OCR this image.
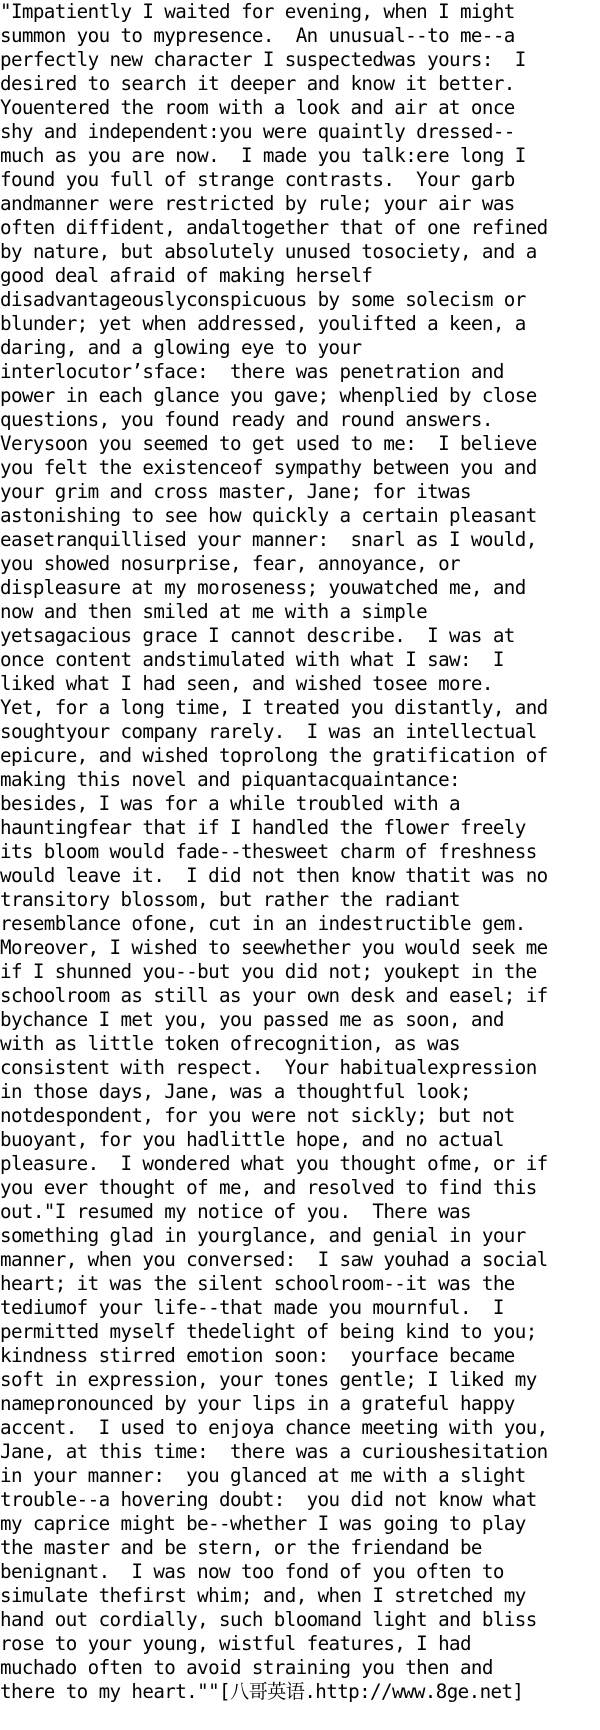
"Impatiently I waited for evening, when I might
summon you to mypresence.  An unusual--to me--a
perfectly new character I suspectedwas yours:  I
desired to search it deeper and know it better.
Youentered the room with a look and air at once
shy and independent:you were quaintly dressed--
much as you are now.  I made you talk:ere long I
found you full of strange contrasts.  Your garb
andmanner were restricted by rule; your air was
often diffident, andaltogether that of one refined
by nature, but absolutely unused tosociety, and a
good deal afraid of making herself
disadvantageouslyconspicuous by some solecism or
blunder; yet when addressed, youlifted a keen, a
daring, and a glowing eye to your
interlocutor’sface:  there was penetration and
power in each glance you gave; whenplied by close
questions, you found ready and round answers.
Verysoon you seemed to get used to me:  I believe
you felt the existenceof sympathy between you and
your grim and cross master, Jane; for itwas
astonishing to see how quickly a certain pleasant
easetranquillised your manner:  snarl as I would,
you showed nosurprise, fear, annoyance, or
displeasure at my moroseness; youwatched me, and
now and then smiled at me with a simple
yetsagacious grace I cannot describe.  I was at
once content andstimulated with what I saw:  I
liked what I had seen, and wished tosee more.
Yet, for a long time, I treated you distantly, and
soughtyour company rarely.  I was an intellectual
epicure, and wished toprolong the gratification of
making this novel and piquantacquaintance:
besides, I was for a while troubled with a
hauntingfear that if I handled the flower freely
its bloom would fade--thesweet charm of freshness
would leave it.  I did not then know thatit was no
transitory blossom, but rather the radiant
resemblance ofone, cut in an indestructible gem.
Moreover, I wished to seewhether you would seek me
if I shunned you--but you did not; youkept in the
schoolroom as still as your own desk and easel; if
bychance I met you, you passed me as soon, and
with as little token ofrecognition, as was
consistent with respect.  Your habitualexpression
in those days, Jane, was a thoughtful look;
notdespondent, for you were not sickly; but not
buoyant, for you hadlittle hope, and no actual
pleasure.  I wondered what you thought ofme, or if
you ever thought of me, and resolved to find this
out."I resumed my notice of you.  There was
something glad in yourglance, and genial in your
manner, when you conversed:  I saw youhad a social
heart; it was the silent schoolroom--it was the
tediumof your life--that made you mournful.  I
permitted myself thedelight of being kind to you;
kindness stirred emotion soon:  yourface became
soft in expression, your tones gentle; I liked my
namepronounced by your lips in a grateful happy
accent.  I used to enjoya chance meeting with you,
Jane, at this time:  there was a curioushesitation
in your manner:  you glanced at me with a slight
trouble--a hovering doubt:  you did not know what
my caprice might be--whether I was going to play
the master and be stern, or the friendand be
benignant.  I was now too fond of you often to
simulate thefirst whim; and, when I stretched my
hand out cordially, such bloomand light and bliss
rose to your young, wistful features, I had
muchado often to avoid straining you then and
there to my heart.""[八哥英语.http://www.8ge.net]
